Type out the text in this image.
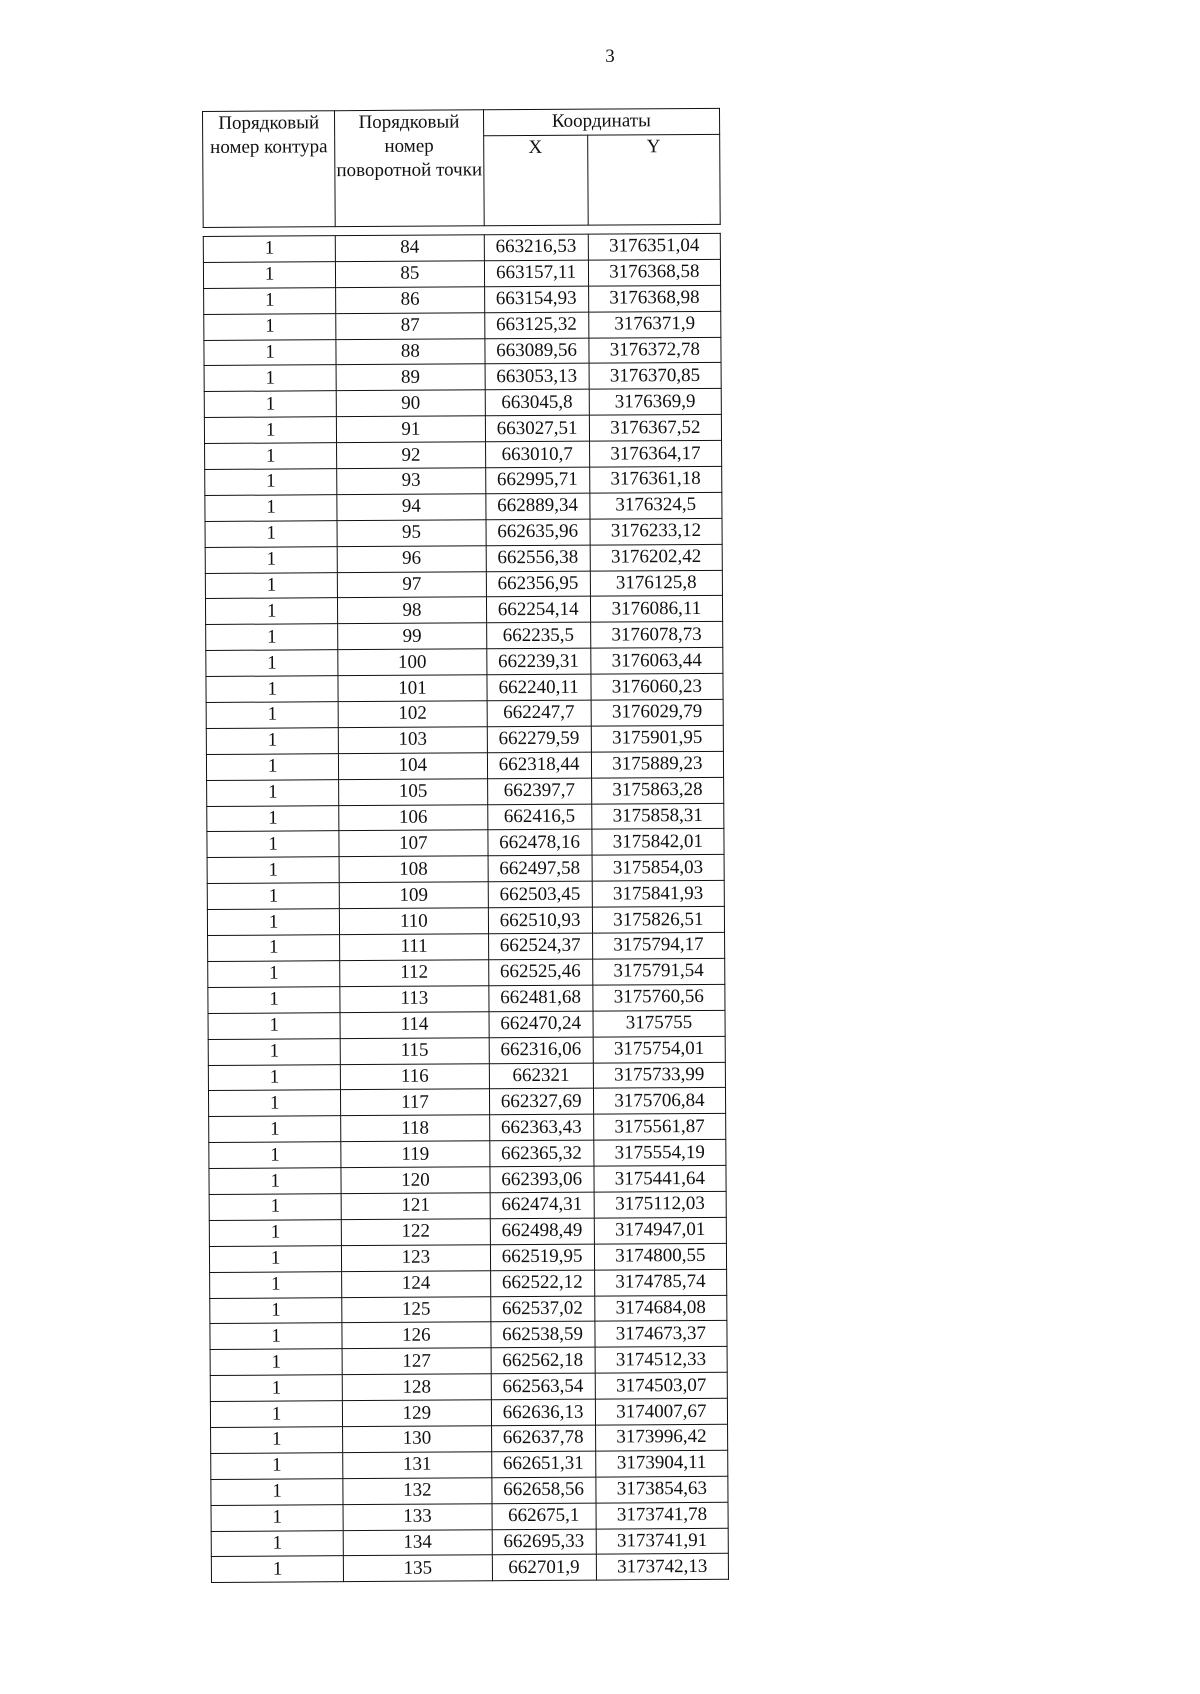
3
Порядковый номер контура	Порядковый номер поворотной точки	Координаты	
		X	Y

1	84	663216,53	3176351,04
1	85	663157,11	3176368,58
1	86	663154,93	3176368,98
1	87	663125,32	3176371,9
1	88	663089,56	3176372,78
1	89	663053,13	3176370,85
1	90	663045,8	3176369,9
1	91	663027,51	3176367,52
1	92	663010,7	3176364,17
1	93	662995,71	3176361,18
1	94	662889,34	3176324,5
1	95	662635,96	3176233,12
1	96	662556,38	3176202,42
1	97	662356,95	3176125,8
1	98	662254,14	3176086,11
1	99	662235,5	3176078,73
1	100	662239,31	3176063,44
1	101	662240,11	3176060,23
1	102	662247,7	3176029,79
1	103	662279,59	3175901,95
1	104	662318,44	3175889,23
1	105	662397,7	3175863,28
1	106	662416,5	3175858,31
1	107	662478,16	3175842,01
1	108	662497,58	3175854,03
1	109	662503,45	3175841,93
1	110	662510,93	3175826,51
1	111	662524,37	3175794,17
1	112	662525,46	3175791,54
1	113	662481,68	3175760,56
1	114	662470,24	3175755
1	115	662316,06	3175754,01
1	116	662321	3175733,99
1	117	662327,69	3175706,84
1	118	662363,43	3175561,87
1	119	662365,32	3175554,19
1	120	662393,06	3175441,64
1	121	662474,31	3175112,03
1	122	662498,49	3174947,01
1	123	662519,95	3174800,55
1	124	662522,12	3174785,74
1	125	662537,02	3174684,08
1	126	662538,59	3174673,37
1	127	662562,18	3174512,33
1	128	662563,54	3174503,07
1	129	662636,13	3174007,67
1	130	662637,78	3173996,42
1	131	662651,31	3173904,11
1	132	662658,56	3173854,63
1	133	662675,1	3173741,78
1	134	662695,33	3173741,91
1	135	662701,9	3173742,13
